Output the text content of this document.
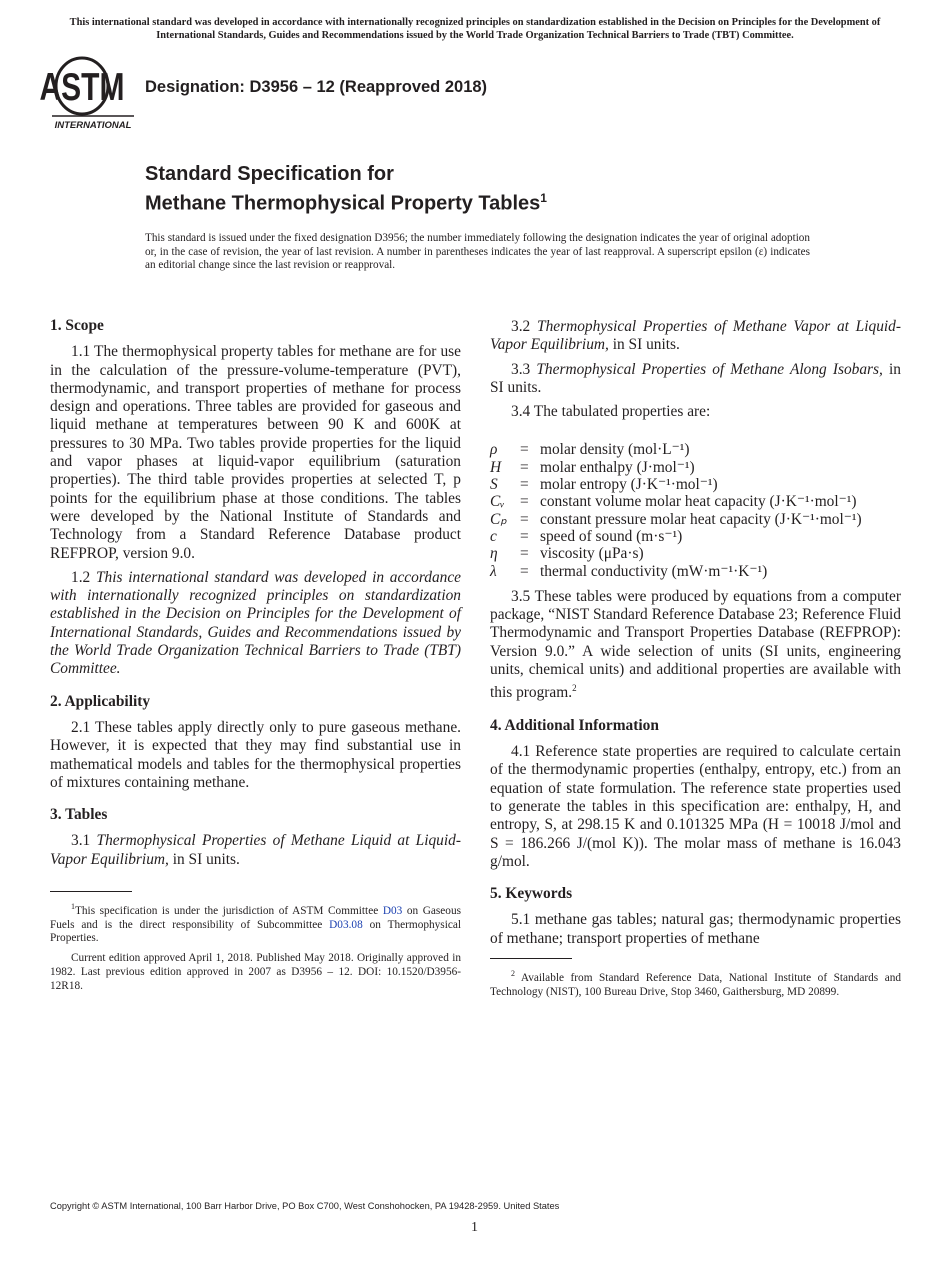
This international standard was developed in accordance with internationally recognized principles on standardization established in the Decision on Principles for the Development of International Standards, Guides and Recommendations issued by the World Trade Organization Technical Barriers to Trade (TBT) Committee.
ASTM
INTERNATIONAL
Designation: D3956 – 12 (Reapproved 2018)
Standard Specification for
Methane Thermophysical Property Tables$^1$
This standard is issued under the fixed designation D3956; the number immediately following the designation indicates the year of original adoption or, in the case of revision, the year of last revision. A number in parentheses indicates the year of last reapproval. A superscript epsilon (ε) indicates an editorial change since the last revision or reapproval.
1. Scope

1.1 The thermophysical property tables for methane are for use in the calculation of the pressure-volume-temperature (PVT), thermodynamic, and transport properties of methane for process design and operations. Three tables are provided for gaseous and liquid methane at temperatures between 90 K and 600K at pressures to 30 MPa. Two tables provide properties for the liquid and vapor phases at liquid-vapor equilibrium (saturation properties). The third table provides properties at selected T, p points for the equilibrium phase at those conditions. The tables were developed by the National Institute of Standards and Technology from a Standard Reference Database product REFPROP, version 9.0.

1.2 This international standard was developed in accordance with internationally recognized principles on standardization established in the Decision on Principles for the Development of International Standards, Guides and Recommendations issued by the World Trade Organization Technical Barriers to Trade (TBT) Committee.

2. Applicability

2.1 These tables apply directly only to pure gaseous methane. However, it is expected that they may find substantial use in mathematical models and tables for the thermophysical properties of mixtures containing methane.

3. Tables

3.1 Thermophysical Properties of Methane Liquid at Liquid-Vapor Equilibrium, in SI units.

$^1$This specification is under the jurisdiction of ASTM Committee D03 on Gaseous Fuels and is the direct responsibility of Subcommittee D03.08 on Thermophysical Properties.

Current edition approved April 1, 2018. Published May 2018. Originally approved in 1982. Last previous edition approved in 2007 as D3956 – 12. DOI: 10.1520/D3956-12R18.

3.2 Thermophysical Properties of Methane Vapor at Liquid-Vapor Equilibrium, in SI units.

3.3 Thermophysical Properties of Methane Along Isobars, in SI units.

3.4 The tabulated properties are:

ρ	= molar density (mol·L⁻¹)
H	= molar enthalpy (J·mol⁻¹)
S	= molar entropy (J·K⁻¹·mol⁻¹)
Cᵥ	= constant volume molar heat capacity (J·K⁻¹·mol⁻¹)
Cₚ = constant pressure molar heat capacity (J·K⁻¹·mol⁻¹)
c	= speed of sound (m·s⁻¹)
η	= viscosity (μPa·s)
λ	= thermal conductivity (mW·m⁻¹·K⁻¹)

3.5 These tables were produced by equations from a computer package, “NIST Standard Reference Database 23; Reference Fluid Thermodynamic and Transport Properties Database (REFPROP): Version 9.0.” A wide selection of units (SI units, engineering units, chemical units) and additional properties are available with this program.$^2$

4. Additional Information

4.1 Reference state properties are required to calculate certain of the thermodynamic properties (enthalpy, entropy, etc.) from an equation of state formulation. The reference state properties used to generate the tables in this specification are: enthalpy, H, and entropy, S, at 298.15 K and 0.101325 MPa (H = 10018 J/mol and S = 186.266 J/(mol K)). The molar mass of methane is 16.043 g/mol.

5. Keywords

5.1 methane gas tables; natural gas; thermodynamic properties of methane; transport properties of methane

$^2$ Available from Standard Reference Data, National Institute of Standards and Technology (NIST), 100 Bureau Drive, Stop 3460, Gaithersburg, MD 20899.

Copyright © ASTM International, 100 Barr Harbor Drive, PO Box C700, West Conshohocken, PA 19428-2959. United States
1
